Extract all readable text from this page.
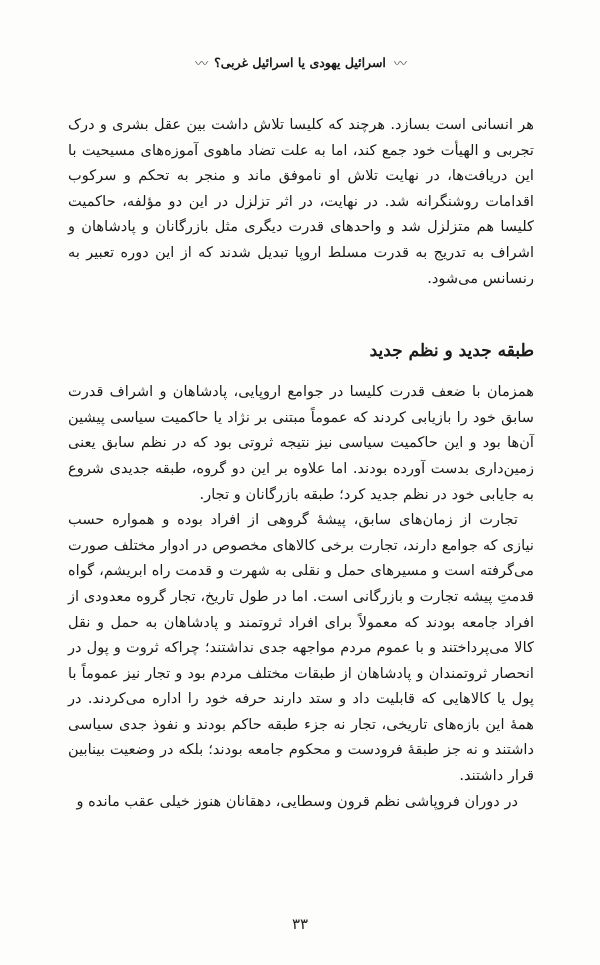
〰 اسرائیل یهودی یا اسرائیل غربی؟ 〰

هر انسانی است بسازد. هرچند که کلیسا تلاش داشت بین عقل بشری و درک تجربی و الهیأت خود جمع کند، اما به علت تضاد ماهوی آموزه‌های مسیحیت با این دریافت‌ها، در نهایت تلاش او ناموفق ماند و منجر به تحکم و سرکوب اقدامات روشنگرانه شد. در نهایت، در اثر تزلزل در این دو مؤلفه، حاکمیت کلیسا هم متزلزل شد و واحدهای قدرت دیگری مثل بازرگانان و پادشاهان و اشراف به تدریج به قدرت مسلط اروپا تبدیل شدند که از این دوره تعبیر به رنسانس می‌شود.

طبقه جدید و نظم جدید

همزمان با ضعف قدرت کلیسا در جوامع اروپایی، پادشاهان و اشراف قدرت سابق خود را بازیابی کردند که عموماً مبتنی بر نژاد یا حاکمیت سیاسی پیشین آن‌ها بود و این حاکمیت سیاسی نیز نتیجه ثروتی بود که در نظم سابق یعنی زمین‌داری بدست آورده بودند. اما علاوه بر این دو گروه، طبقه جدیدی شروع به جایابی خود در نظم جدید کرد؛ طبقه بازرگانان و تجار.

تجارت از زمان‌های سابق، پیشهٔ گروهی از افراد بوده و همواره حسب نیازی که جوامع دارند، تجارت برخی کالاهای مخصوص در ادوار مختلف صورت می‌گرفته است و مسیرهای حمل و نقلی به شهرت و قدمت راه ابریشم، گواه قدمتِ پیشه تجارت و بازرگانی است. اما در طول تاریخ، تجار گروه معدودی از افراد جامعه بودند که معمولاً برای افراد ثروتمند و پادشاهان به حمل و نقل کالا می‌پرداختند و با عموم مردم مواجهه جدی نداشتند؛ چراکه ثروت و پول در انحصار ثروتمندان و پادشاهان از طبقات مختلف مردم بود و تجار نیز عموماً با پول یا کالاهایی که قابلیت داد و ستد دارند حرفه خود را اداره می‌کردند. در همهٔ این بازه‌های تاریخی، تجار نه جزء طبقه حاکم بودند و نفوذ جدی سیاسی داشتند و نه جز طبقهٔ فرودست و محکوم جامعه بودند؛ بلکه در وضعیت بینابین قرار داشتند.

در دوران فروپاشی نظم قرون وسطایی، دهقانان هنوز خیلی عقب مانده و

۳۳
